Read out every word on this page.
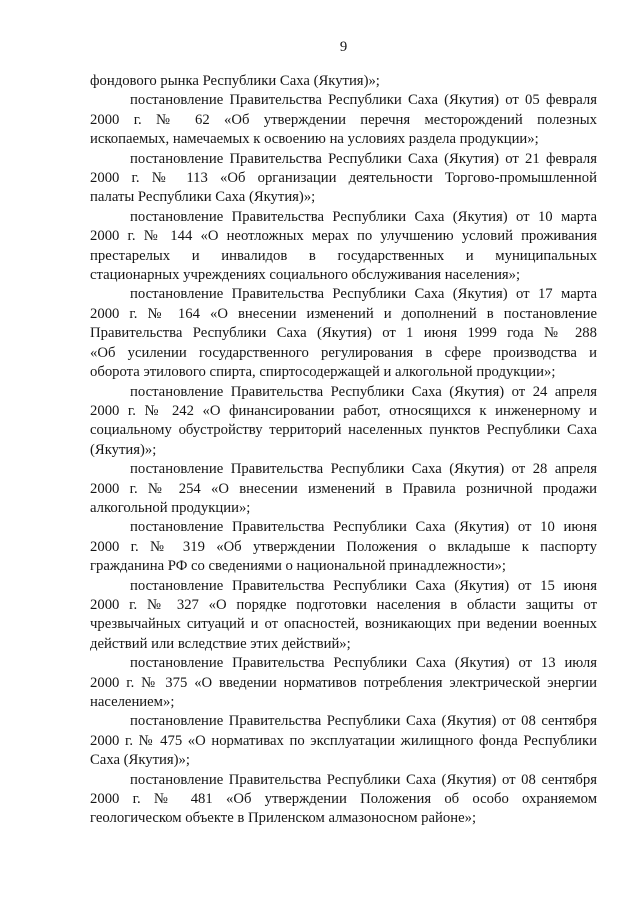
9

фондового рынка Республики Саха (Якутия)»;

постановление Правительства Республики Саха (Якутия) от 05 февраля
2000 г. № 62 «Об утверждении перечня месторождений полезных
ископаемых, намечаемых к освоению на условиях раздела продукции»;

постановление Правительства Республики Саха (Якутия) от 21 февраля
2000 г. № 113 «Об организации деятельности Торгово-промышленной
палаты Республики Саха (Якутия)»;

постановление Правительства Республики Саха (Якутия) от 10 марта
2000 г. № 144 «О неотложных мерах по улучшению условий проживания
престарелых и инвалидов в государственных и муниципальных
стационарных учреждениях социального обслуживания населения»;

постановление Правительства Республики Саха (Якутия) от 17 марта
2000 г. № 164 «О внесении изменений и дополнений в постановление
Правительства Республики Саха (Якутия) от 1 июня 1999 года № 288
«Об усилении государственного регулирования в сфере производства и
оборота этилового спирта, спиртосодержащей и алкогольной продукции»;

постановление Правительства Республики Саха (Якутия) от 24 апреля
2000 г. № 242 «О финансировании работ, относящихся к инженерному и
социальному обустройству территорий населенных пунктов Республики Саха
(Якутия)»;

постановление Правительства Республики Саха (Якутия) от 28 апреля
2000 г. № 254 «О внесении изменений в Правила розничной продажи
алкогольной продукции»;

постановление Правительства Республики Саха (Якутия) от 10 июня
2000 г. № 319 «Об утверждении Положения о вкладыше к паспорту
гражданина РФ со сведениями о национальной принадлежности»;

постановление Правительства Республики Саха (Якутия) от 15 июня
2000 г. № 327 «О порядке подготовки населения в области защиты от
чрезвычайных ситуаций и от опасностей, возникающих при ведении военных
действий или вследствие этих действий»;

постановление Правительства Республики Саха (Якутия) от 13 июля
2000 г. № 375 «О введении нормативов потребления электрической энергии
населением»;

постановление Правительства Республики Саха (Якутия) от 08 сентября
2000 г. № 475 «О нормативах по эксплуатации жилищного фонда Республики
Саха (Якутия)»;

постановление Правительства Республики Саха (Якутия) от 08 сентября
2000 г. № 481 «Об утверждении Положения об особо охраняемом
геологическом объекте в Приленском алмазоносном районе»;
